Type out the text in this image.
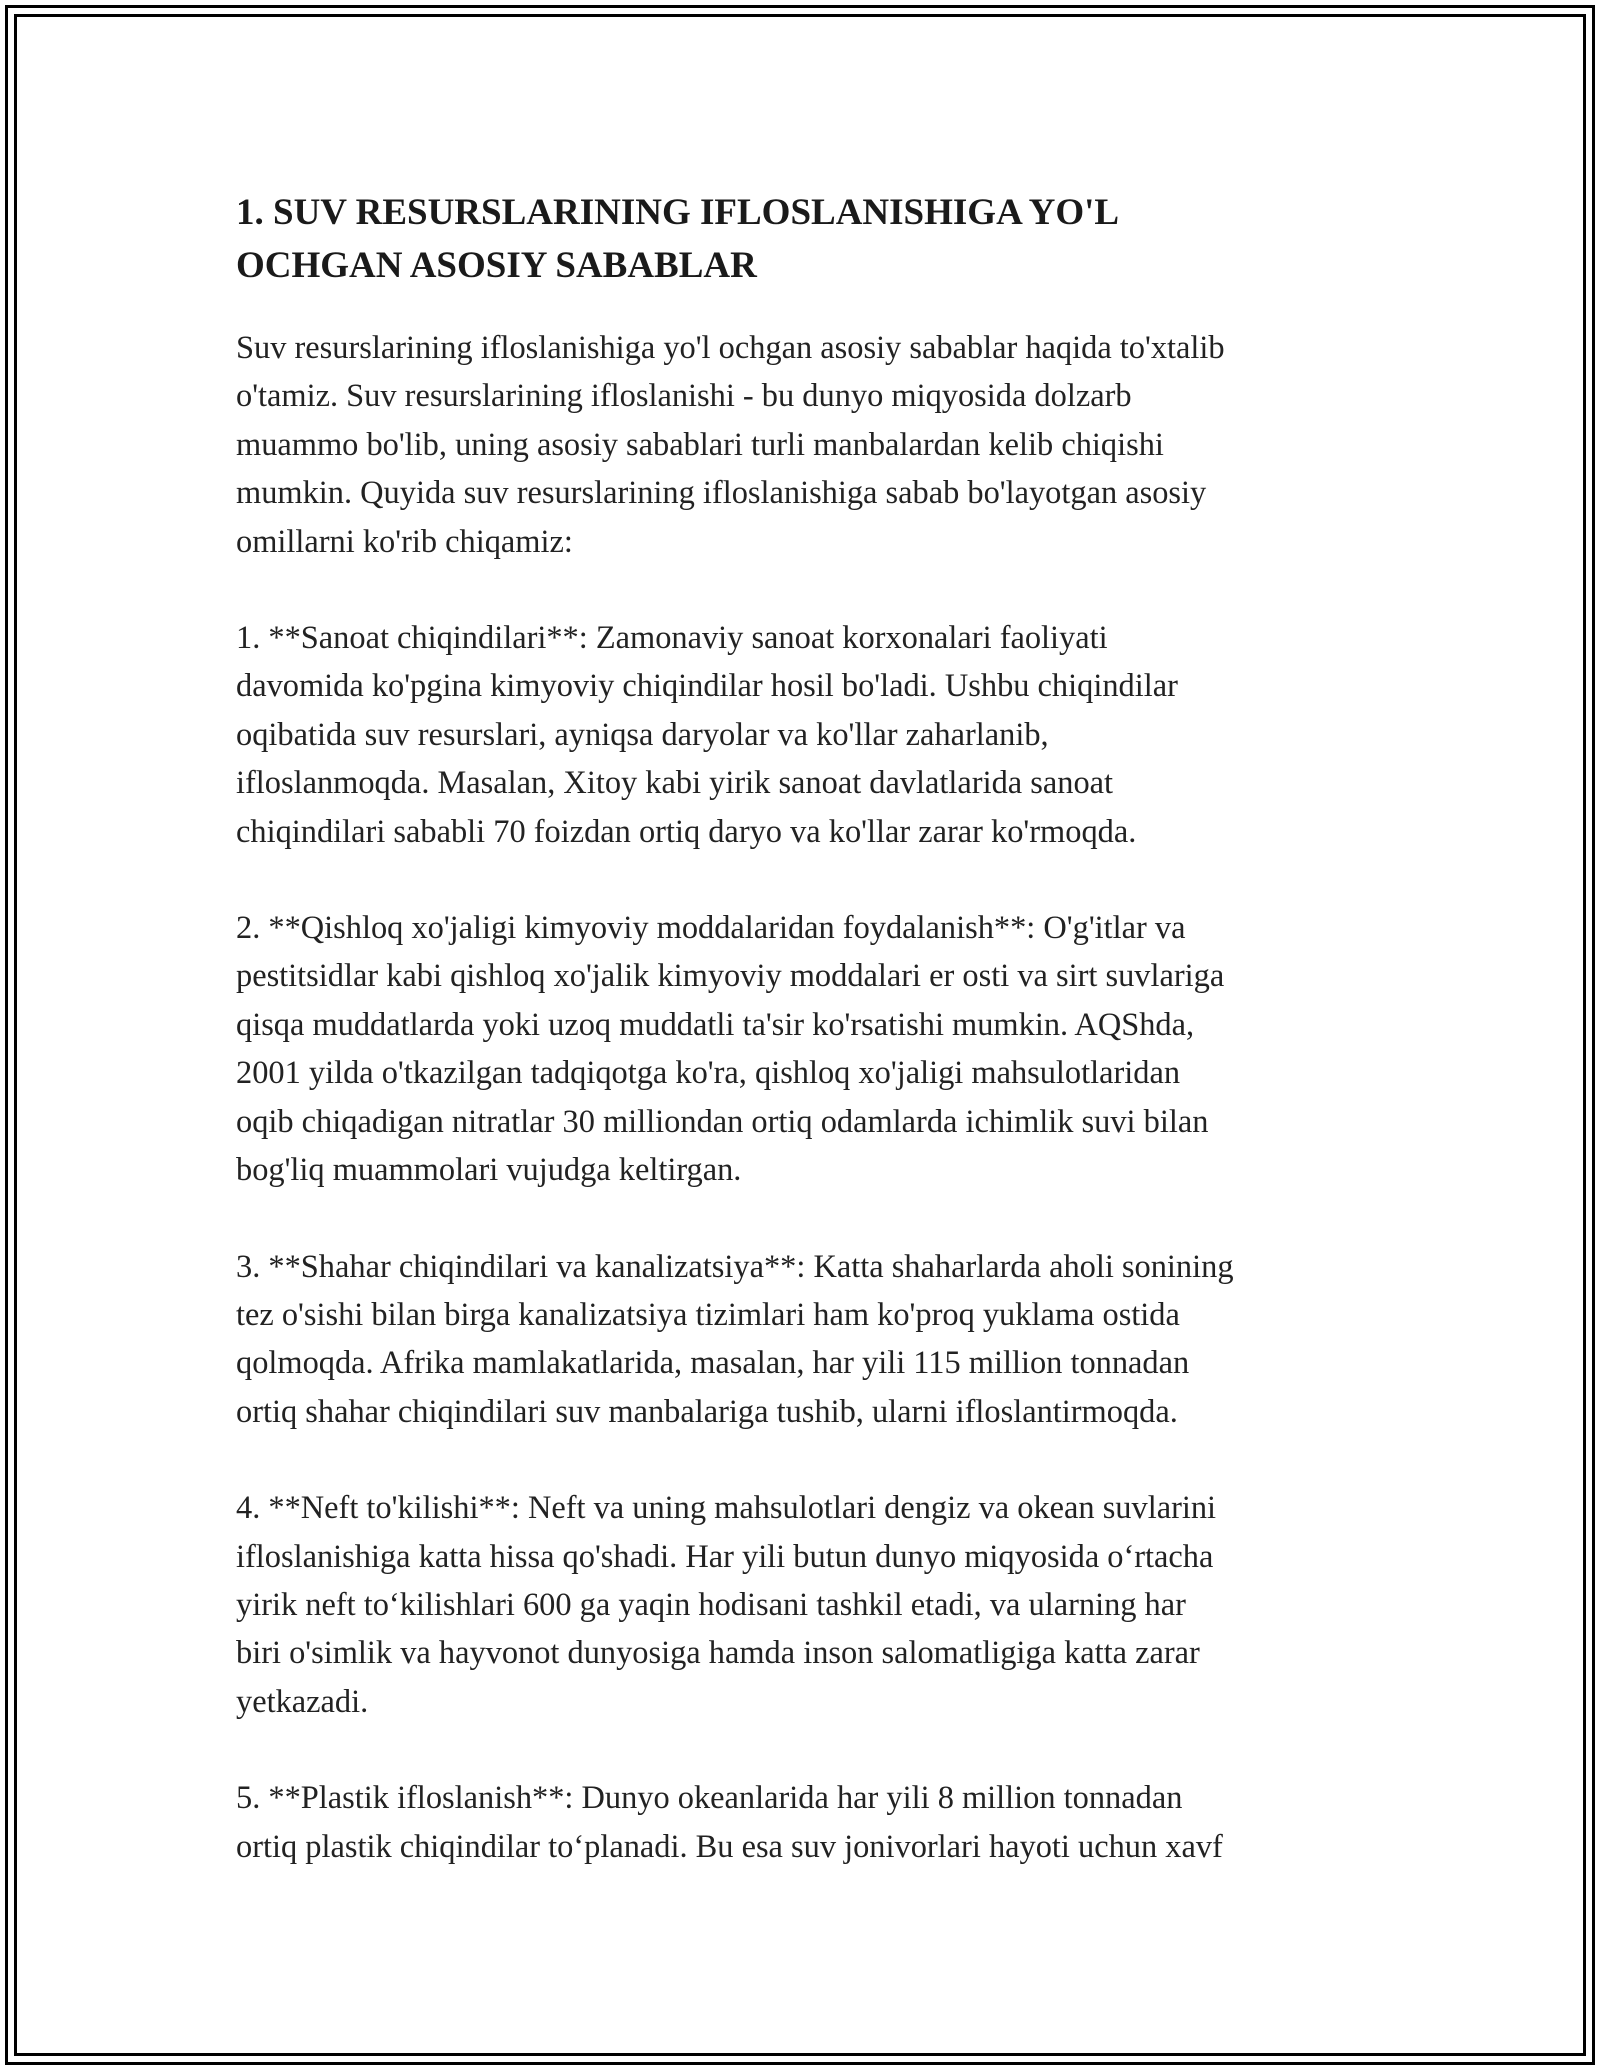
1. SUV RESURSLARINING IFLOSLANISHIGA YO'L
OCHGAN ASOSIY SABABLAR

Suv resurslarining ifloslanishiga yo'l ochgan asosiy sabablar haqida to'xtalib
o'tamiz. Suv resurslarining ifloslanishi - bu dunyo miqyosida dolzarb
muammo bo'lib, uning asosiy sabablari turli manbalardan kelib chiqishi
mumkin. Quyida suv resurslarining ifloslanishiga sabab bo'layotgan asosiy
omillarni ko'rib chiqamiz:

1. **Sanoat chiqindilari**: Zamonaviy sanoat korxonalari faoliyati
davomida ko'pgina kimyoviy chiqindilar hosil bo'ladi. Ushbu chiqindilar
oqibatida suv resurslari, ayniqsa daryolar va ko'llar zaharlanib,
ifloslanmoqda. Masalan, Xitoy kabi yirik sanoat davlatlarida sanoat
chiqindilari sababli 70 foizdan ortiq daryo va ko'llar zarar ko'rmoqda.

2. **Qishloq xo'jaligi kimyoviy moddalaridan foydalanish**: O'g'itlar va
pestitsidlar kabi qishloq xo'jalik kimyoviy moddalari er osti va sirt suvlariga
qisqa muddatlarda yoki uzoq muddatli ta'sir ko'rsatishi mumkin. AQShda,
2001 yilda o'tkazilgan tadqiqotga ko'ra, qishloq xo'jaligi mahsulotlaridan
oqib chiqadigan nitratlar 30 milliondan ortiq odamlarda ichimlik suvi bilan
bog'liq muammolari vujudga keltirgan.

3. **Shahar chiqindilari va kanalizatsiya**: Katta shaharlarda aholi sonining
tez o'sishi bilan birga kanalizatsiya tizimlari ham ko'proq yuklama ostida
qolmoqda. Afrika mamlakatlarida, masalan, har yili 115 million tonnadan
ortiq shahar chiqindilari suv manbalariga tushib, ularni ifloslantirmoqda.

4. **Neft to'kilishi**: Neft va uning mahsulotlari dengiz va okean suvlarini
ifloslanishiga katta hissa qo'shadi. Har yili butun dunyo miqyosida o‘rtacha
yirik neft to‘kilishlari 600 ga yaqin hodisani tashkil etadi, va ularning har
biri o'simlik va hayvonot dunyosiga hamda inson salomatligiga katta zarar
yetkazadi.

5. **Plastik ifloslanish**: Dunyo okeanlarida har yili 8 million tonnadan
ortiq plastik chiqindilar to‘planadi. Bu esa suv jonivorlari hayoti uchun xavf
